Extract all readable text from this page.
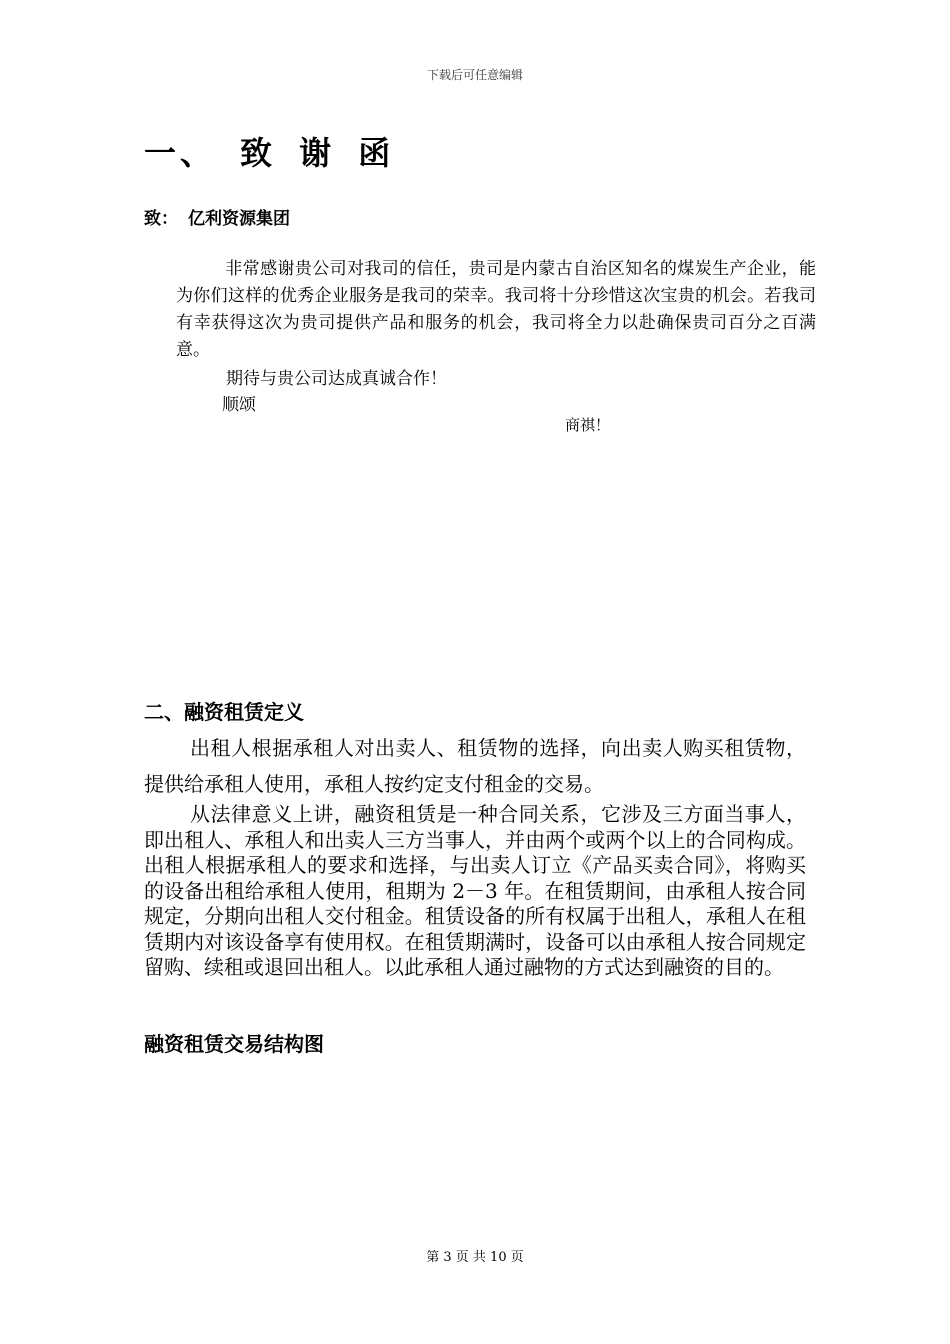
下载后可任意编辑
一、 致 谢 函
致： 亿利资源集团
非常感谢贵公司对我司的信任，贵司是内蒙古自治区知名的煤炭生产企业，能为你们这样的优秀企业服务是我司的荣幸。我司将十分珍惜这次宝贵的机会。若我司有幸获得这次为贵司提供产品和服务的机会，我司将全力以赴确保贵司百分之百满意。
期待与贵公司达成真诚合作！
顺颂
商祺！
二、融资租赁定义
出租人根据承租人对出卖人、租赁物的选择，向出卖人购买租赁物，提供给承租人使用，承租人按约定支付租金的交易。
从法律意义上讲，融资租赁是一种合同关系，它涉及三方面当事人，即出租人、承租人和出卖人三方当事人，并由两个或两个以上的合同构成。出租人根据承租人的要求和选择，与出卖人订立《产品买卖合同》，将购买的设备出租给承租人使用，租期为 2－3 年。在租赁期间，由承租人按合同规定，分期向出租人交付租金。租赁设备的所有权属于出租人，承租人在租赁期内对该设备享有使用权。在租赁期满时，设备可以由承租人按合同规定留购、续租或退回出租人。以此承租人通过融物的方式达到融资的目的。
融资租赁交易结构图
第 3 页 共 10 页
